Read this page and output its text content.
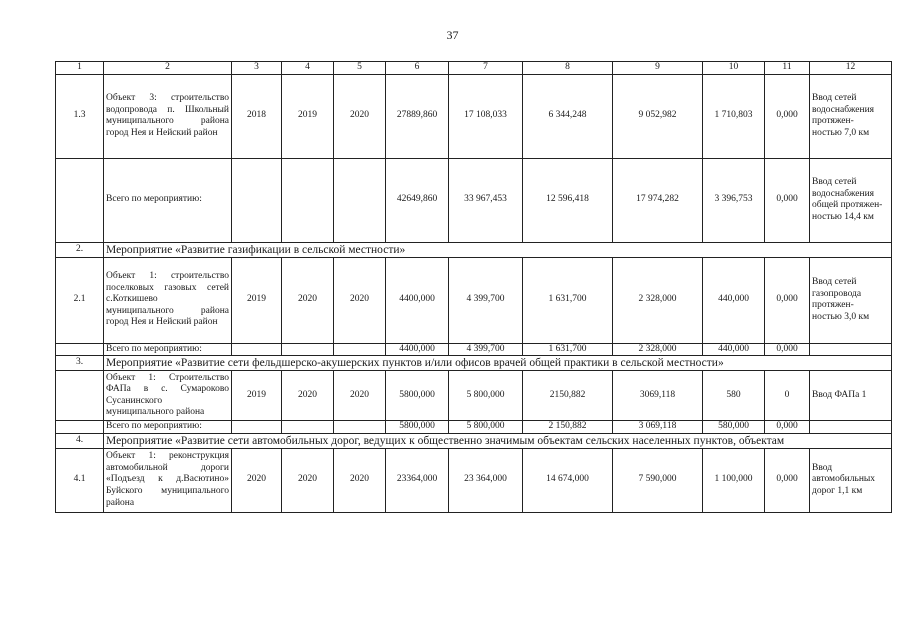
37
1	2	3	4	5	6	7	8	9	10	11	12
1.3	Объект 3: строительство
водопровода п. Школьный
муниципального района
город Нея и Нейский район	2018	2019	2020	27889,860	17 108,033	6 344,248	9 052,982	1 710,803	0,000	Ввод сетей
водоснабжения
протяжен-
ностью 7,0 км

	Всего по мероприятию:				42649,860	33 967,453	12 596,418	17 974,282	3 396,753	0,000	Ввод сетей
водоснабжения
общей протяжен-
ностью 14,4 км

2.	Мероприятие «Развитие газификации в сельской местности»										
2.1	Объект 1: строительство
поселковых газовых сетей
с.Коткишево
муниципального района
город Нея и Нейский район	2019	2020	2020	4400,000	4 399,700	1 631,700	2 328,000	440,000	0,000	Ввод сетей
газопровода
протяжен-
ностью 3,0 км

	Всего по мероприятию:				4400,000	4 399,700	1 631,700	2 328,000	440,000	0,000	

3.	Мероприятие «Развитие сети фельдшерско-акушерских пунктов и/или офисов врачей общей практики в сельской местности»										

	Объект 1: Строительство
ФАПа в с. Сумароково
Сусанинского
муниципального района	2019	2020	2020	5800,000	5 800,000	2150,882	3069,118	580	0	Ввод ФАПа 1

	Всего по мероприятию:				5800,000	5 800,000	2 150,882	3 069,118	580,000	0,000	

4.	Мероприятие «Развитие сети автомобильных дорог, ведущих к общественно значимым объектам сельских населенных пунктов, объектам										
4.1	Объект 1: реконструкция
автомобильной дороги
«Подъезд к д.Васютино»
Буйского муниципального
района	2020	2020	2020	23364,000	23 364,000	14 674,000	7 590,000	1 100,000	0,000	Ввод
автомобильных
дорог 1,1 км
